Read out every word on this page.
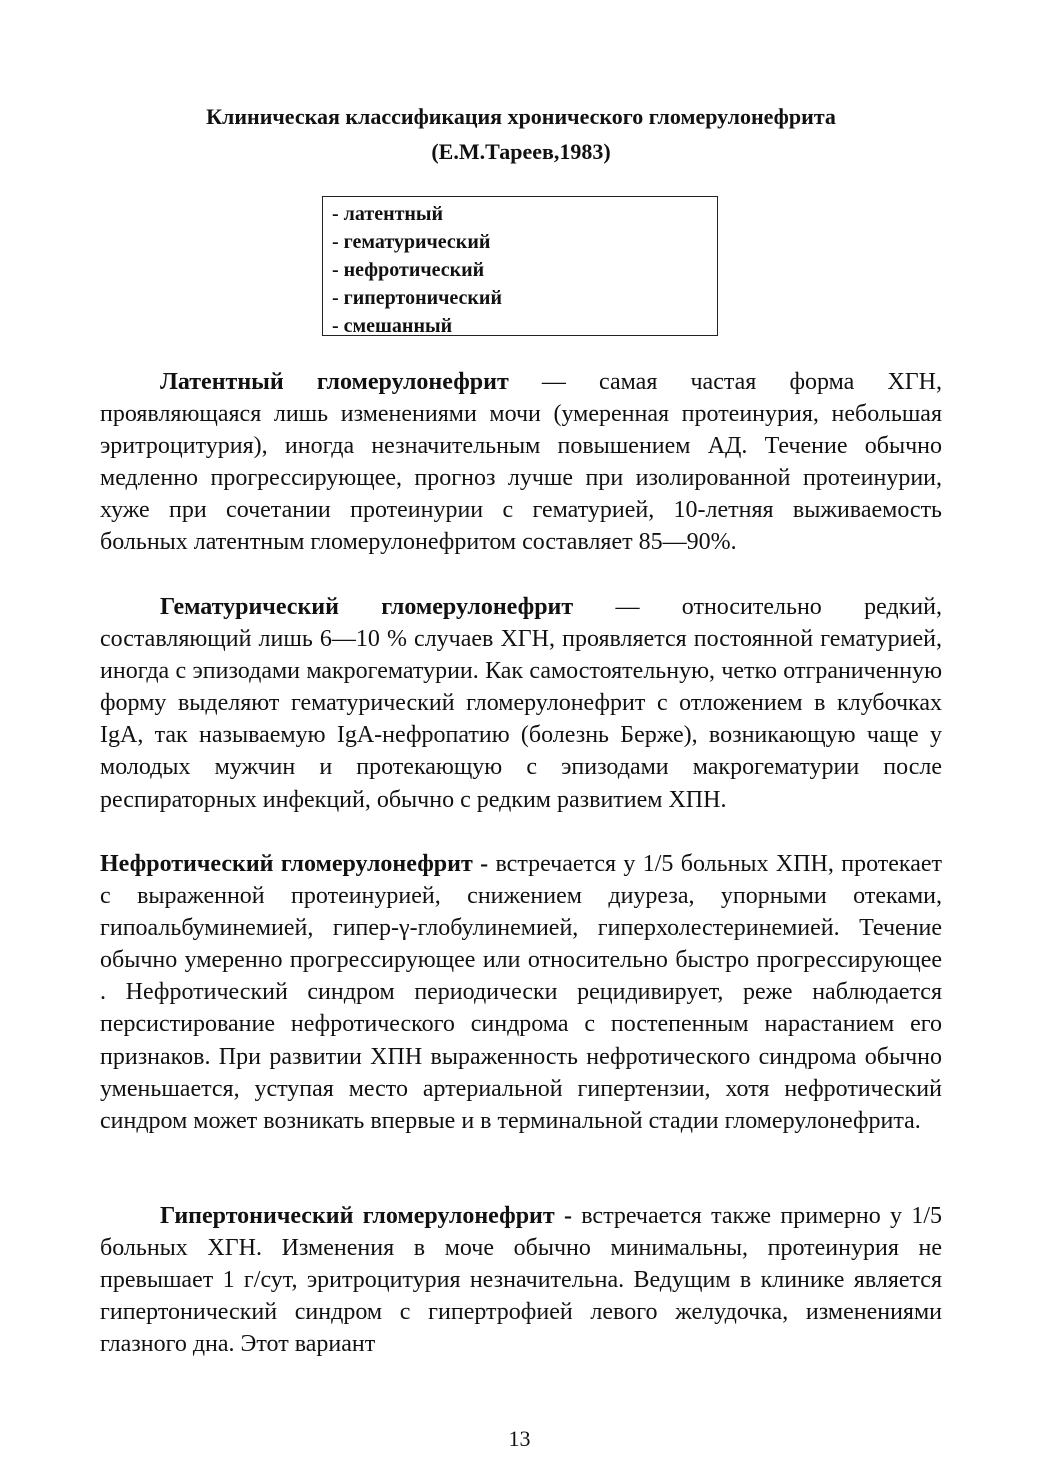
Клиническая классификация хронического гломерулонефрита
(Е.М.Тареев,1983)
- латентный
- гематурический
- нефротический
- гипертонический
- смешанный

Латентный гломерулонефрит — самая частая форма ХГН, проявляющаяся лишь изменениями мочи (умеренная протеинурия, небольшая эритроцитурия), иногда незначительным повышением АД. Течение обычно медленно прогрессирующее, прогноз лучше при изолированной протеинурии, хуже при сочетании протеинурии с гематурией, 10-летняя выживаемость больных латентным гломерулонефритом составляет 85—90%.

Гематурический гломерулонефрит — относительно редкий, составляющий лишь 6—10 % случаев ХГН, проявляется постоянной гематурией, иногда с эпизодами макрогематурии. Как самостоятельную, четко отграниченную форму выделяют гематурический гломерулонефрит с отложением в клубочках IgA, так называемую IgA-нефропатию (болезнь Берже), возникающую чаще у молодых мужчин и протекающую с эпизодами макрогематурии после респираторных инфекций, обычно с редким развитием ХПН.

Нефротический гломерулонефрит - встречается у 1/5 больных ХПН, протекает с выраженной протеинурией, снижением диуреза, упорными отеками, гипоальбуминемией, гипер-γ-глобулинемией, гиперхолестеринемией. Течение обычно умеренно прогрессирующее или относительно быстро прогрессирующее . Нефротический синдром периодически рецидивирует, реже наблюдается персистирование нефротического синдрома с постепенным нарастанием его признаков. При развитии ХПН выраженность нефротического синдрома обычно уменьшается, уступая место артериальной гипертензии, хотя нефротический синдром может возникать впервые и в терминальной стадии гломерулонефрита.

Гипертонический гломерулонефрит - встречается также примерно у 1/5 больных ХГН. Изменения в моче обычно минимальны, протеинурия не превышает 1 г/сут, эритроцитурия незначительна. Ведущим в клинике является гипертонический синдром с гипертрофией левого желудочка, изменениями глазного дна. Этот вариант

13
